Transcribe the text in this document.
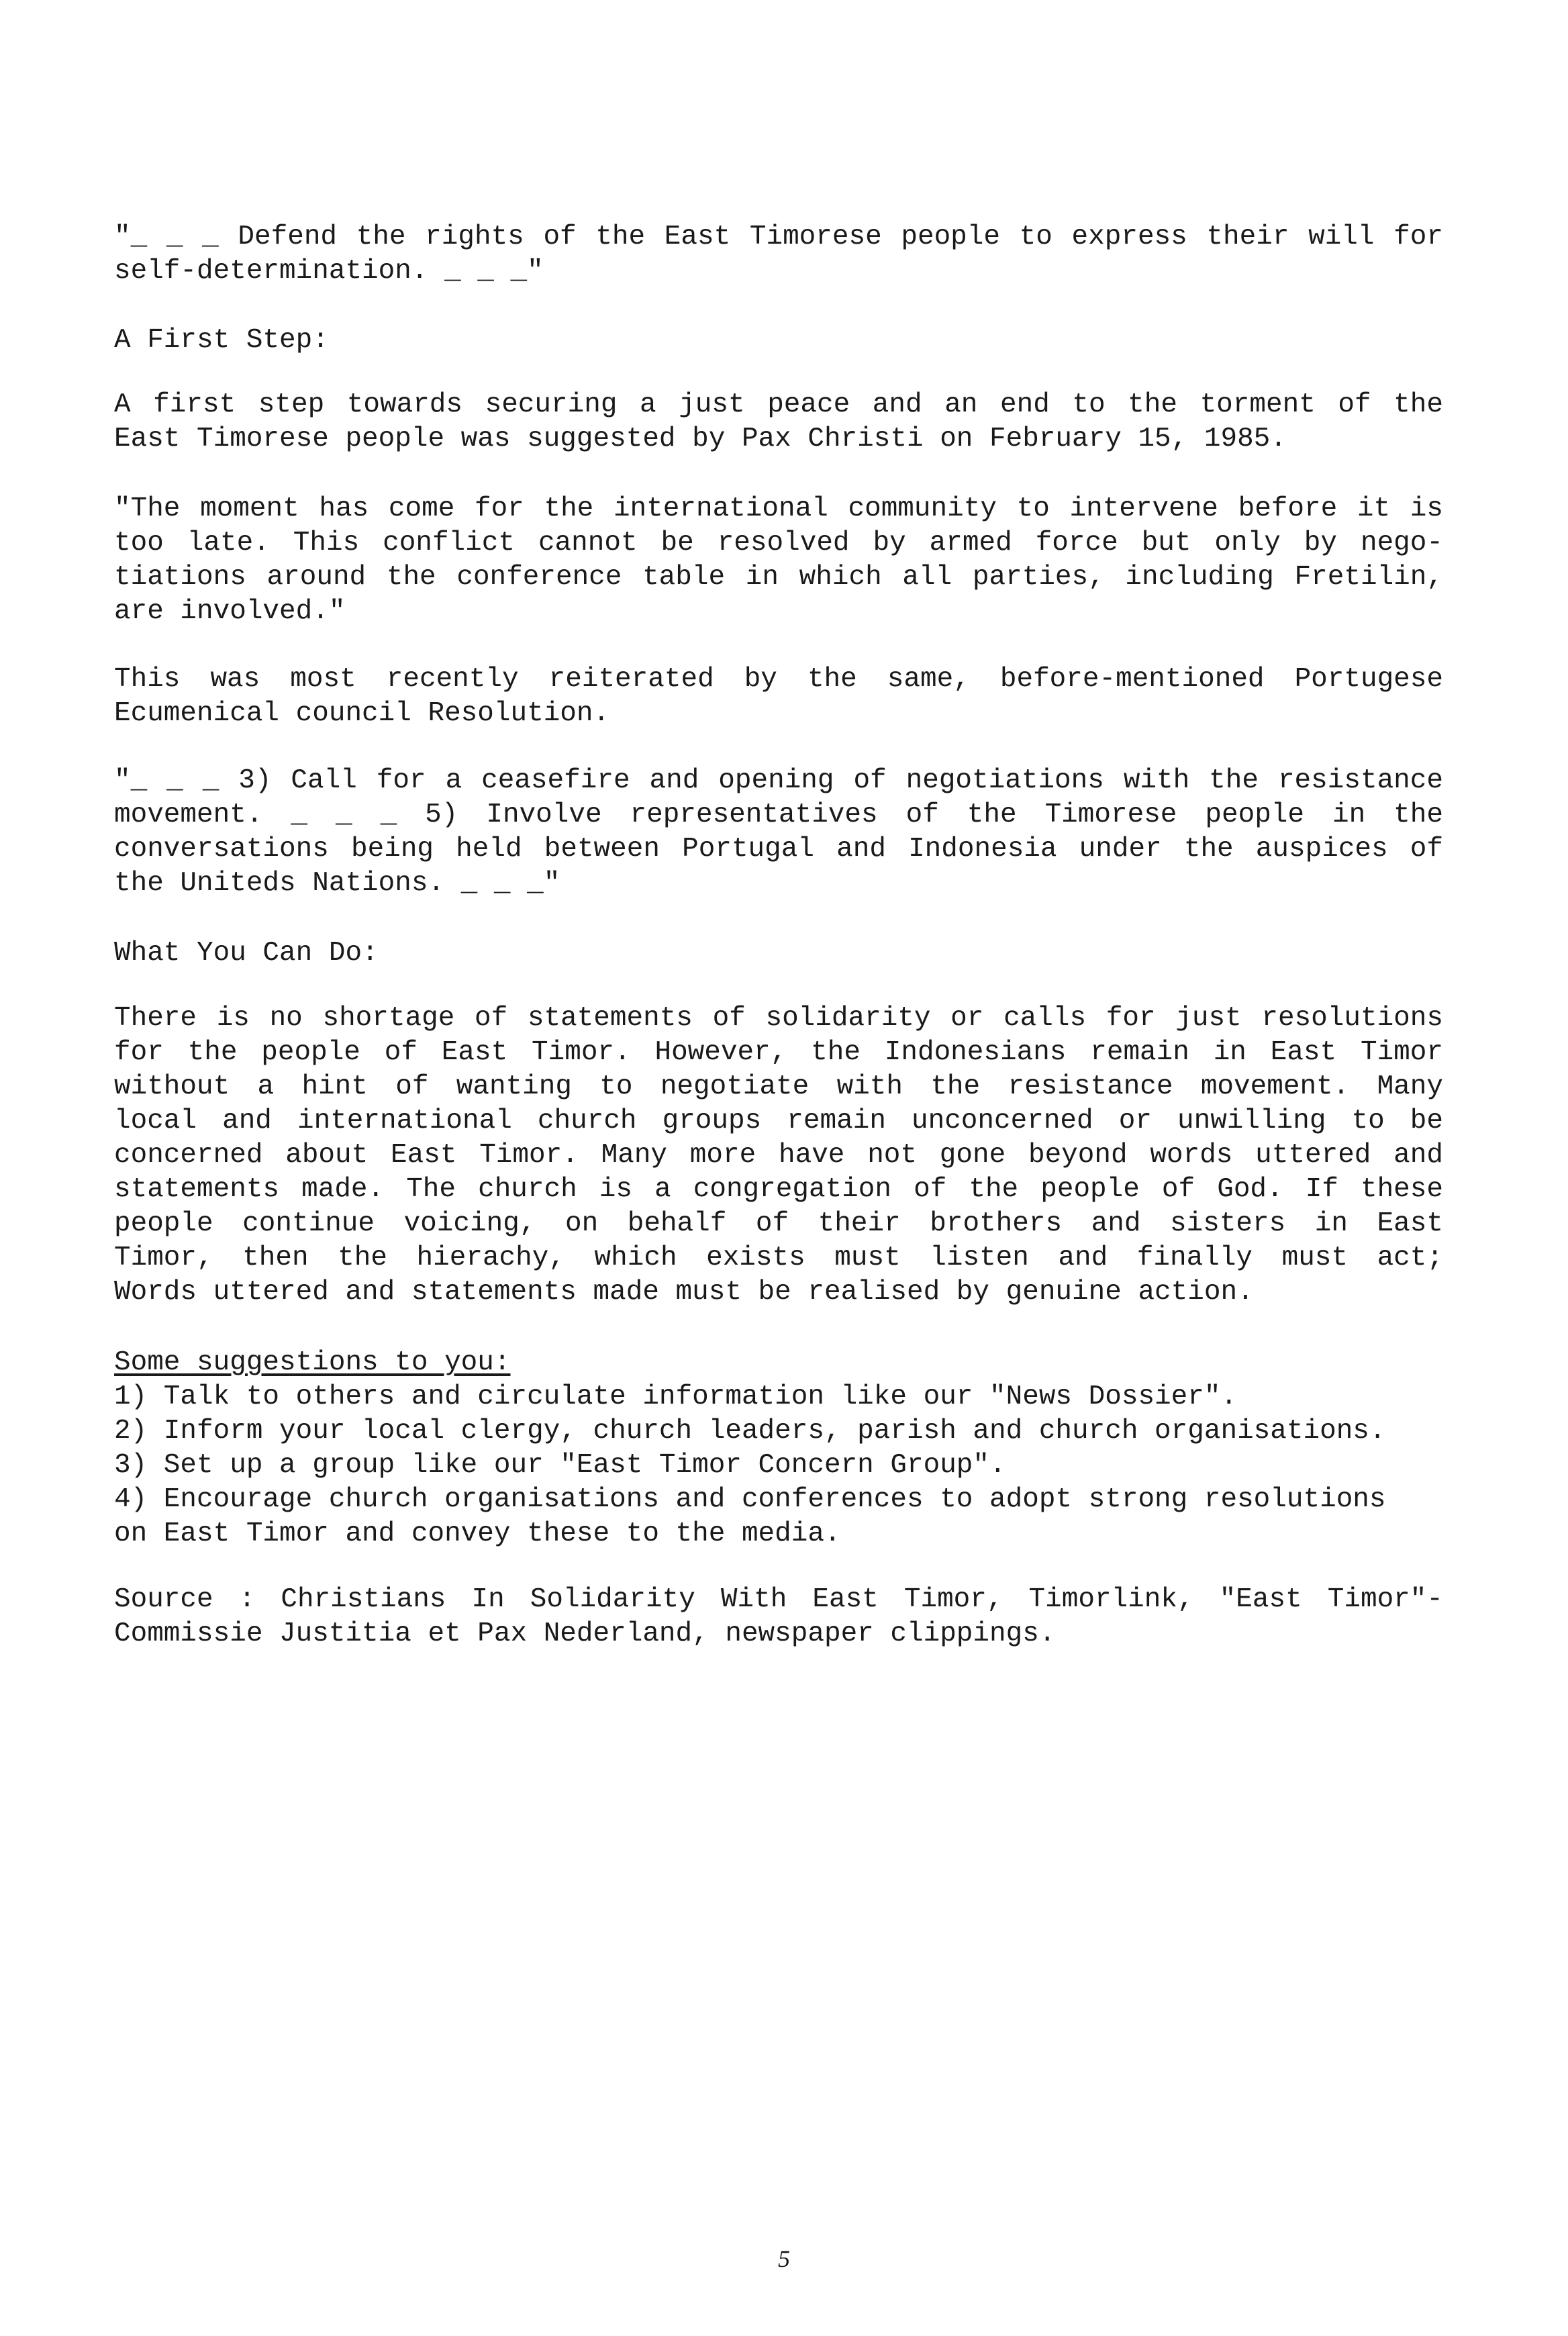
"_ _ _ Defend the rights of the East Timorese people to express their will for
self-determination. _ _ _"
A First Step:
A first step towards securing a just peace and an end to the torment of the
East Timorese people was suggested by Pax Christi on February 15, 1985.
"The moment has come for the international community to intervene before it is
too late. This conflict cannot be resolved by armed force but only by nego-
tiations around the conference table in which all parties, including Fretilin,
are involved."
This was most recently reiterated by the same, before-mentioned Portugese
Ecumenical council Resolution.
"_ _ _ 3) Call for a ceasefire and opening of negotiations with the resistance
movement. _ _ _ 5) Involve representatives of the Timorese people in the
conversations being held between Portugal and Indonesia under the auspices of
the Uniteds Nations. _ _ _"
What You Can Do:
There is no shortage of statements of solidarity or calls for just resolutions
for the people of East Timor. However, the Indonesians remain in East Timor
without a hint of wanting to negotiate with the resistance movement. Many
local and international church groups remain unconcerned or unwilling to be
concerned about East Timor. Many more have not gone beyond words uttered and
statements made. The church is a congregation of the people of God. If these
people continue voicing, on behalf of their brothers and sisters in East
Timor, then the hierachy, which exists must listen and finally must act;
Words uttered and statements made must be realised by genuine action.
Some suggestions to you:
1) Talk to others and circulate information like our "News Dossier".
2) Inform your local clergy, church leaders, parish and church organisations.
3) Set up a group like our "East Timor Concern Group".
4) Encourage church organisations and conferences to adopt strong resolutions
on East Timor and convey these to the media.
Source : Christians In Solidarity With East Timor, Timorlink, "East Timor"-
Commissie Justitia et Pax Nederland, newspaper clippings.
5
